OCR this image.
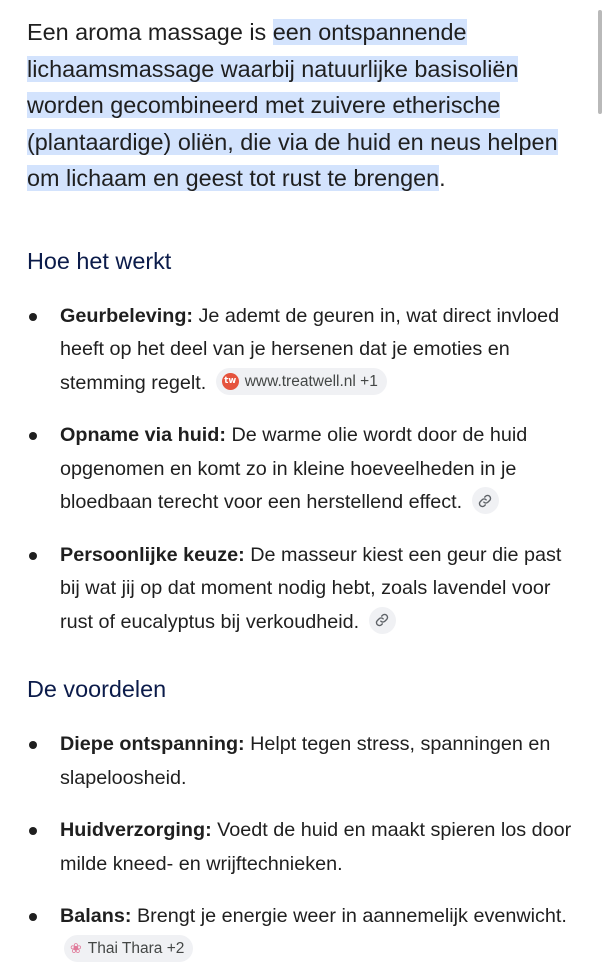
Een aroma massage is een ontspannende lichaamsmassage waarbij natuurlijke basisoliën worden gecombineerd met zuivere etherische (plantaardige) oliën, die via de huid en neus helpen om lichaam en geest tot rust te brengen.

Hoe het werkt
Geurbeleving: Je ademt de geuren in, wat direct invloed heeft op het deel van je hersenen dat je emoties en stemming regelt. tw www.treatwell.nl +1
Opname via huid: De warme olie wordt door de huid opgenomen en komt zo in kleine hoeveelheden in je bloedbaan terecht voor een herstellend effect.
Persoonlijke keuze: De masseur kiest een geur die past bij wat jij op dat moment nodig hebt, zoals lavendel voor rust of eucalyptus bij verkoudheid.
De voordelen
Diepe ontspanning: Helpt tegen stress, spanningen en slapeloosheid.
Huidverzorging: Voedt de huid en maakt spieren los door milde kneed- en wrijftechnieken.
Balans: Brengt je energie weer in aannemelijk evenwicht.
❀ Thai Thara +2
